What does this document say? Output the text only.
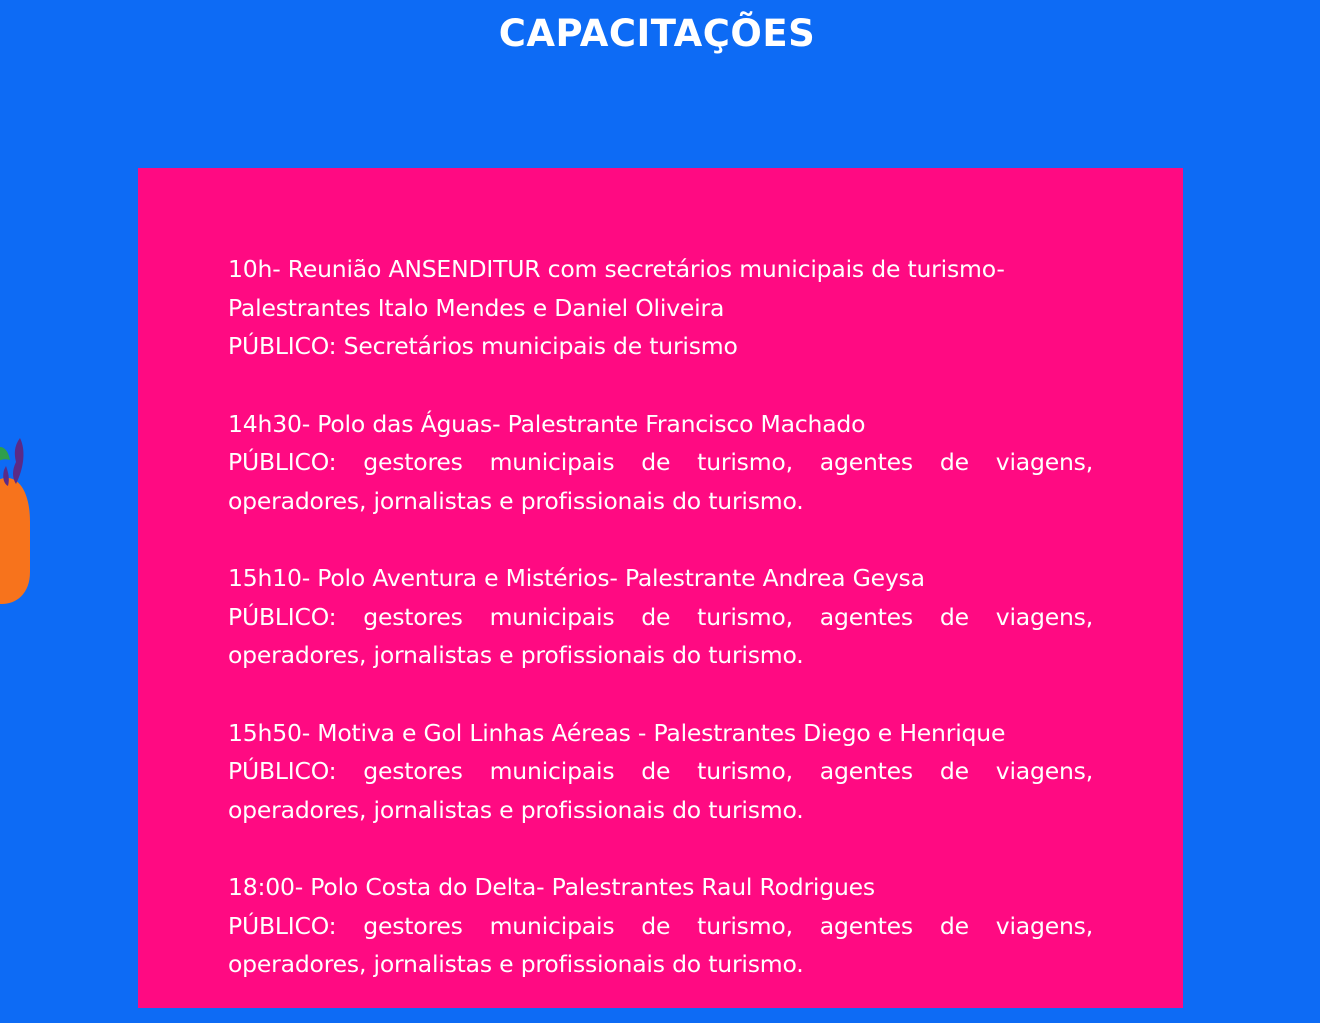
CAPACITAÇÕES

10h- Reunião ANSENDITUR com secretários municipais de turismo- Palestrantes Italo Mendes e Daniel Oliveira

PÚBLICO: Secretários municipais de turismo

14h30- Polo das Águas- Palestrante Francisco Machado

PÚBLICO: gestores municipais de turismo, agentes de viagens, operadores, jornalistas e profissionais do turismo.

15h10- Polo Aventura e Mistérios- Palestrante Andrea Geysa

PÚBLICO: gestores municipais de turismo, agentes de viagens, operadores, jornalistas e profissionais do turismo.

15h50- Motiva e Gol Linhas Aéreas - Palestrantes Diego e Henrique

PÚBLICO: gestores municipais de turismo, agentes de viagens, operadores, jornalistas e profissionais do turismo.

18:00- Polo Costa do Delta- Palestrantes Raul Rodrigues

PÚBLICO: gestores municipais de turismo, agentes de viagens, operadores, jornalistas e profissionais do turismo.
